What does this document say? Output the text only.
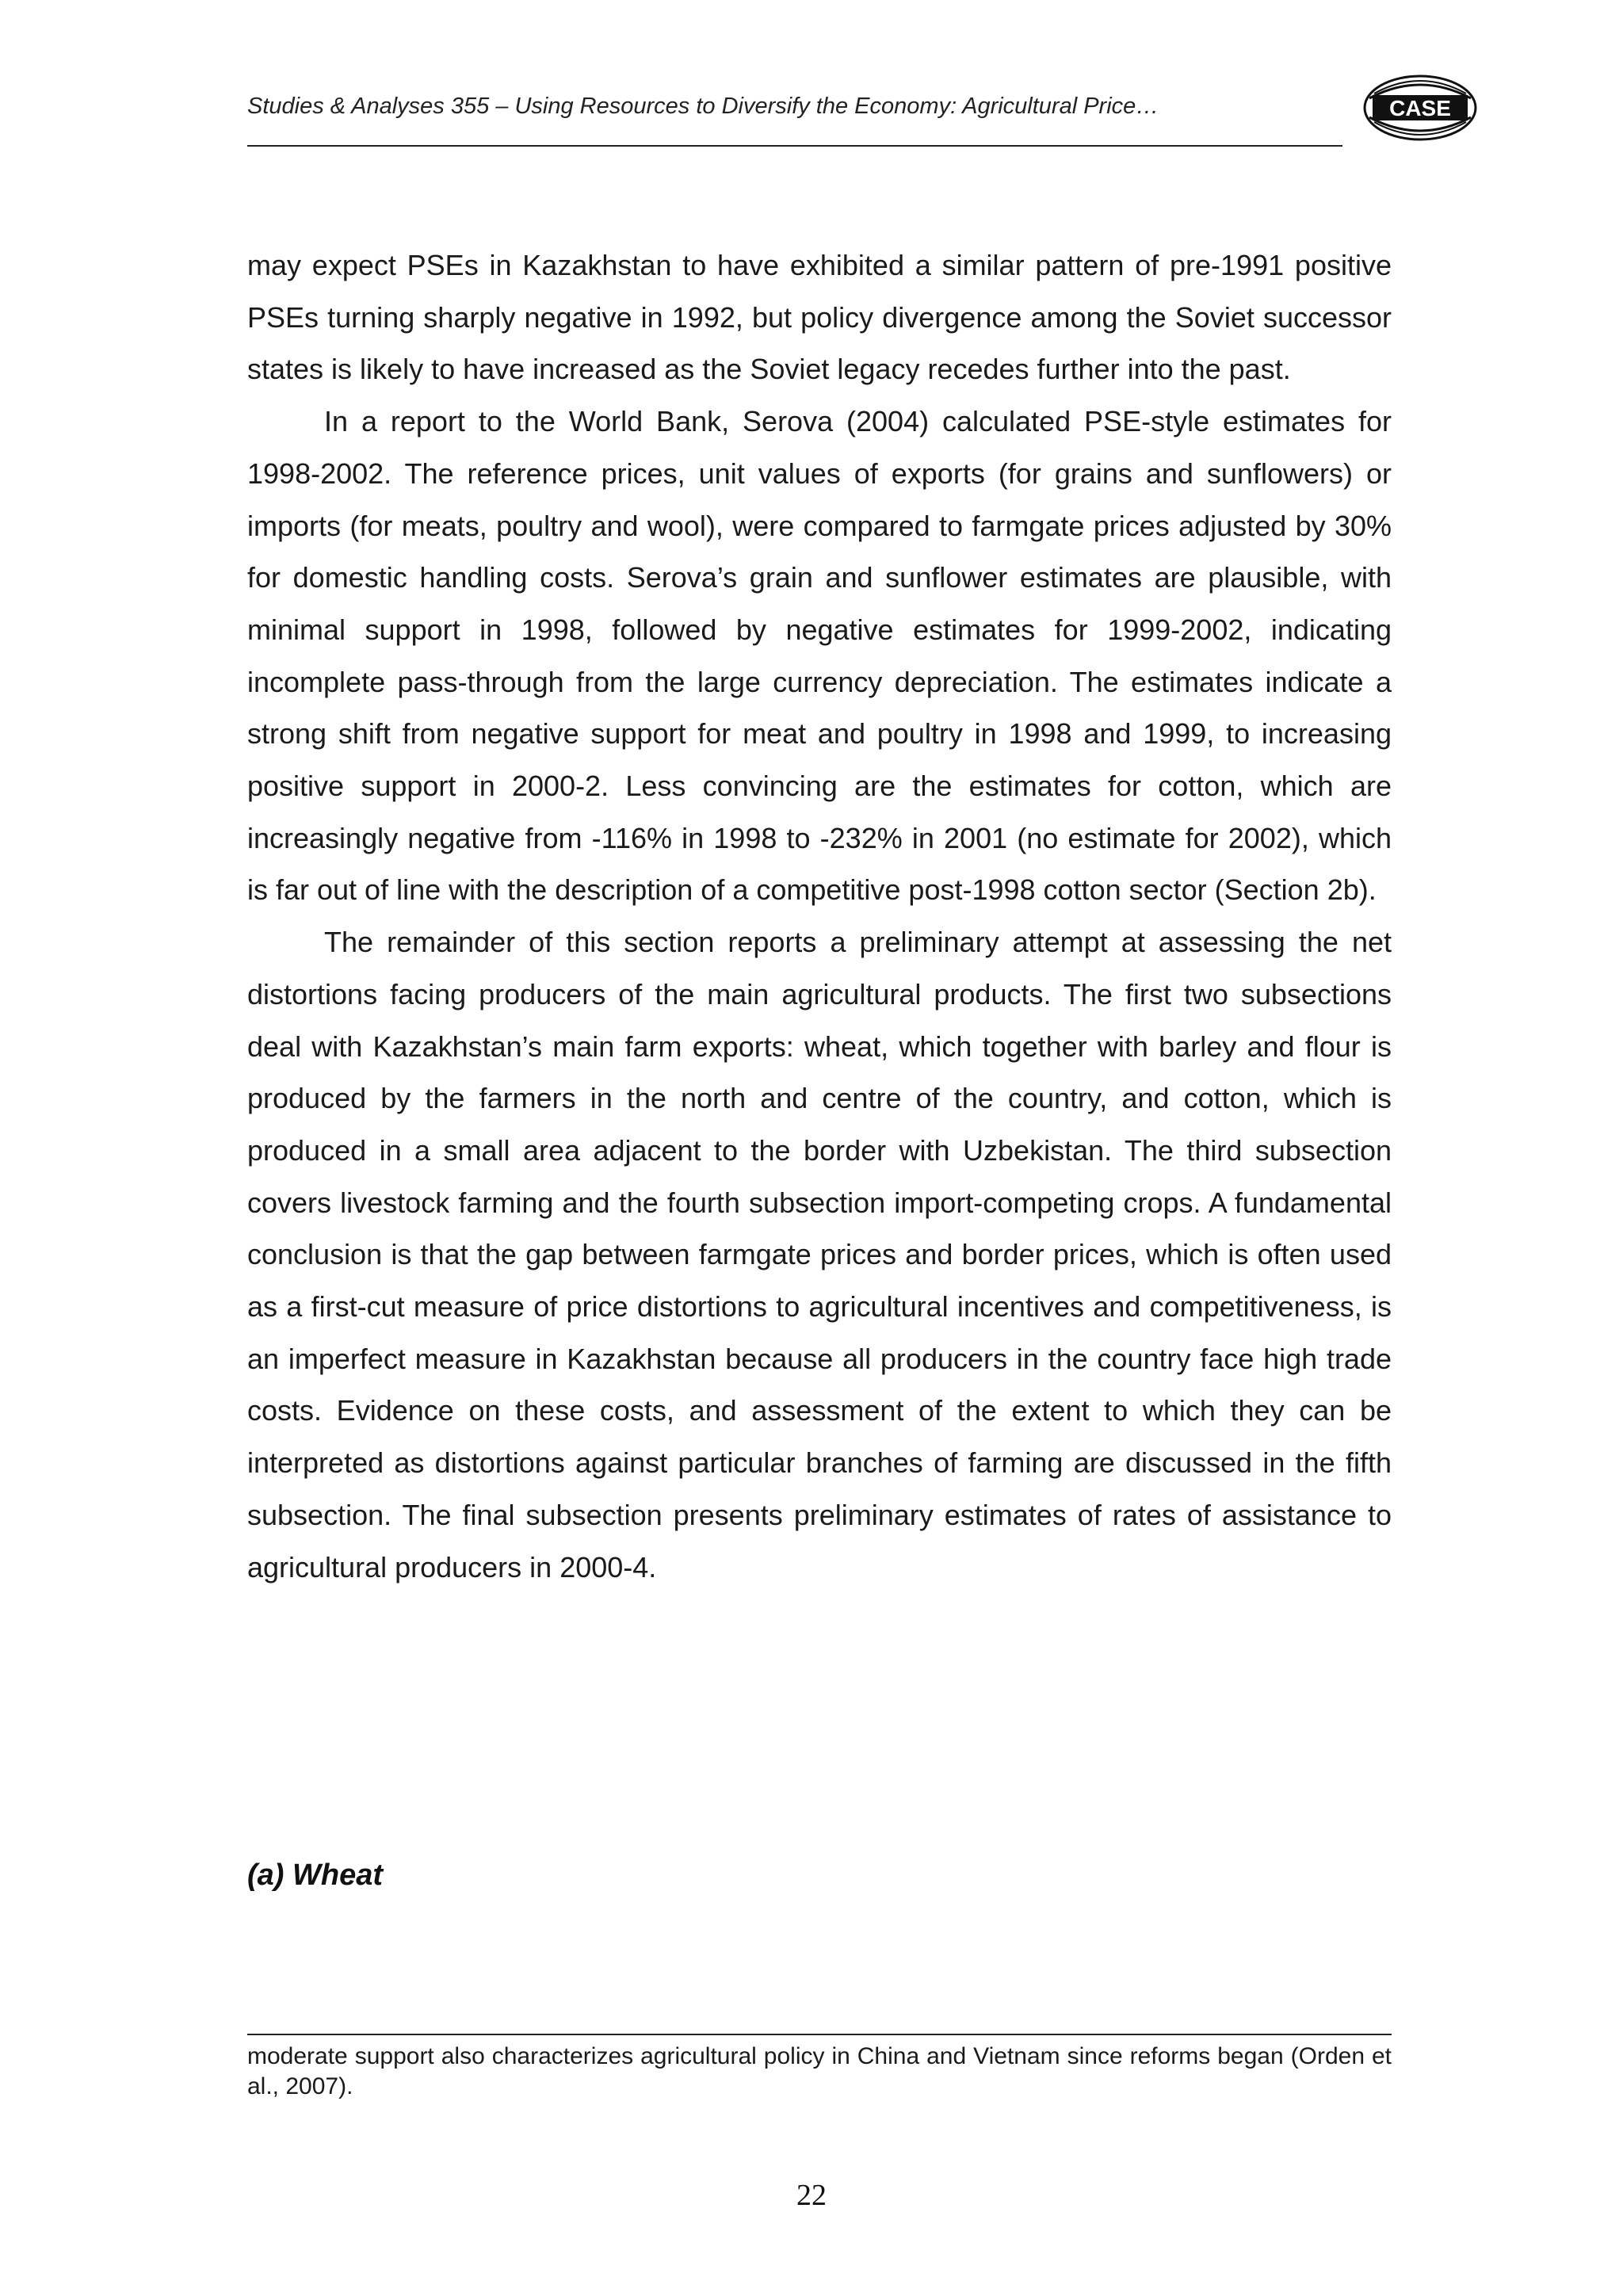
Studies & Analyses 355 – Using Resources to Diversify the Economy: Agricultural Price…	CASE

may expect PSEs in Kazakhstan to have exhibited a similar pattern of pre-1991 positive PSEs turning sharply negative in 1992, but policy divergence among the Soviet successor states is likely to have increased as the Soviet legacy recedes further into the past.

In a report to the World Bank, Serova (2004) calculated PSE-style estimates for 1998-2002. The reference prices, unit values of exports (for grains and sunflowers) or imports (for meats, poultry and wool), were compared to farmgate prices adjusted by 30% for domestic handling costs. Serova’s grain and sunflower estimates are plausible, with minimal support in 1998, followed by negative estimates for 1999-2002, indicating incomplete pass-through from the large currency depreciation. The estimates indicate a strong shift from negative support for meat and poultry in 1998 and 1999, to increasing positive support in 2000-2. Less convincing are the estimates for cotton, which are increasingly negative from -116% in 1998 to -232% in 2001 (no estimate for 2002), which is far out of line with the description of a competitive post-1998 cotton sector (Section 2b).

The remainder of this section reports a preliminary attempt at assessing the net distortions facing producers of the main agricultural products. The first two subsections deal with Kazakhstan’s main farm exports: wheat, which together with barley and flour is produced by the farmers in the north and centre of the country, and cotton, which is produced in a small area adjacent to the border with Uzbekistan. The third subsection covers livestock farming and the fourth subsection import-competing crops. A fundamental conclusion is that the gap between farmgate prices and border prices, which is often used as a first-cut measure of price distortions to agricultural incentives and competitiveness, is an imperfect measure in Kazakhstan because all producers in the country face high trade costs. Evidence on these costs, and assessment of the extent to which they can be interpreted as distortions against particular branches of farming are discussed in the fifth subsection. The final subsection presents preliminary estimates of rates of assistance to agricultural producers in 2000-4.

(a) Wheat
moderate support also characterizes agricultural policy in China and Vietnam since reforms began (Orden et al., 2007).
22
